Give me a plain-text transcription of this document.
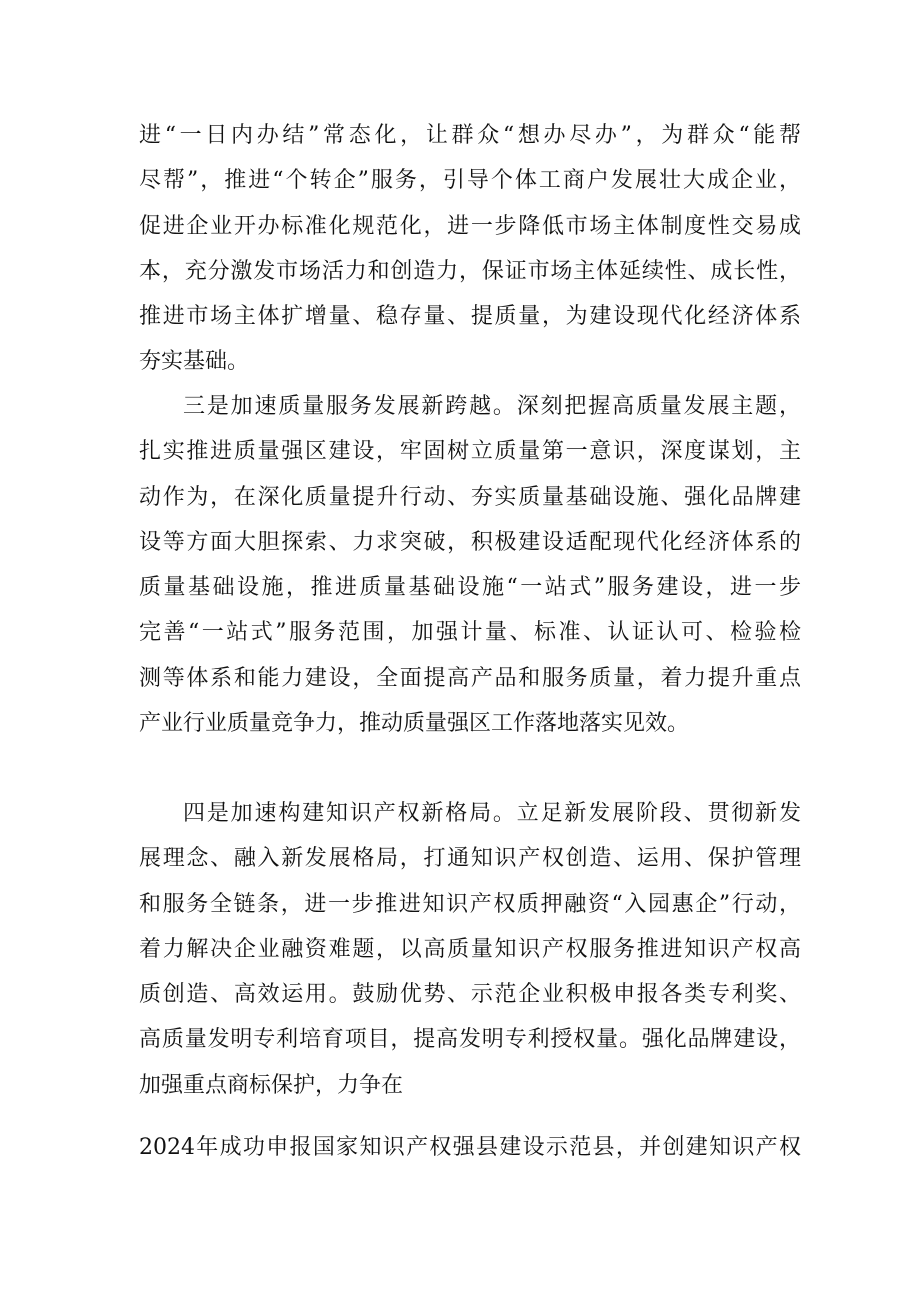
进“一日内办结”常态化，让群众“想办尽办”，为群众“能帮
尽帮”，推进“个转企”服务，引导个体工商户发展壮大成企业，
促进企业开办标准化规范化，进一步降低市场主体制度性交易成
本，充分激发市场活力和创造力，保证市场主体延续性、成长性，
推进市场主体扩增量、稳存量、提质量，为建设现代化经济体系
夯实基础。
三是加速质量服务发展新跨越。深刻把握高质量发展主题，
扎实推进质量强区建设，牢固树立质量第一意识，深度谋划，主
动作为，在深化质量提升行动、夯实质量基础设施、强化品牌建
设等方面大胆探索、力求突破，积极建设适配现代化经济体系的
质量基础设施，推进质量基础设施“一站式”服务建设，进一步
完善“一站式”服务范围，加强计量、标准、认证认可、检验检
测等体系和能力建设，全面提高产品和服务质量，着力提升重点
产业行业质量竞争力，推动质量强区工作落地落实见效。
四是加速构建知识产权新格局。立足新发展阶段、贯彻新发
展理念、融入新发展格局，打通知识产权创造、运用、保护管理
和服务全链条，进一步推进知识产权质押融资“入园惠企”行动，
着力解决企业融资难题，以高质量知识产权服务推进知识产权高
质创造、高效运用。鼓励优势、示范企业积极申报各类专利奖、
高质量发明专利培育项目，提高发明专利授权量。强化品牌建设，
加强重点商标保护，力争在
2024年成功申报国家知识产权强县建设示范县，并创建知识产权
